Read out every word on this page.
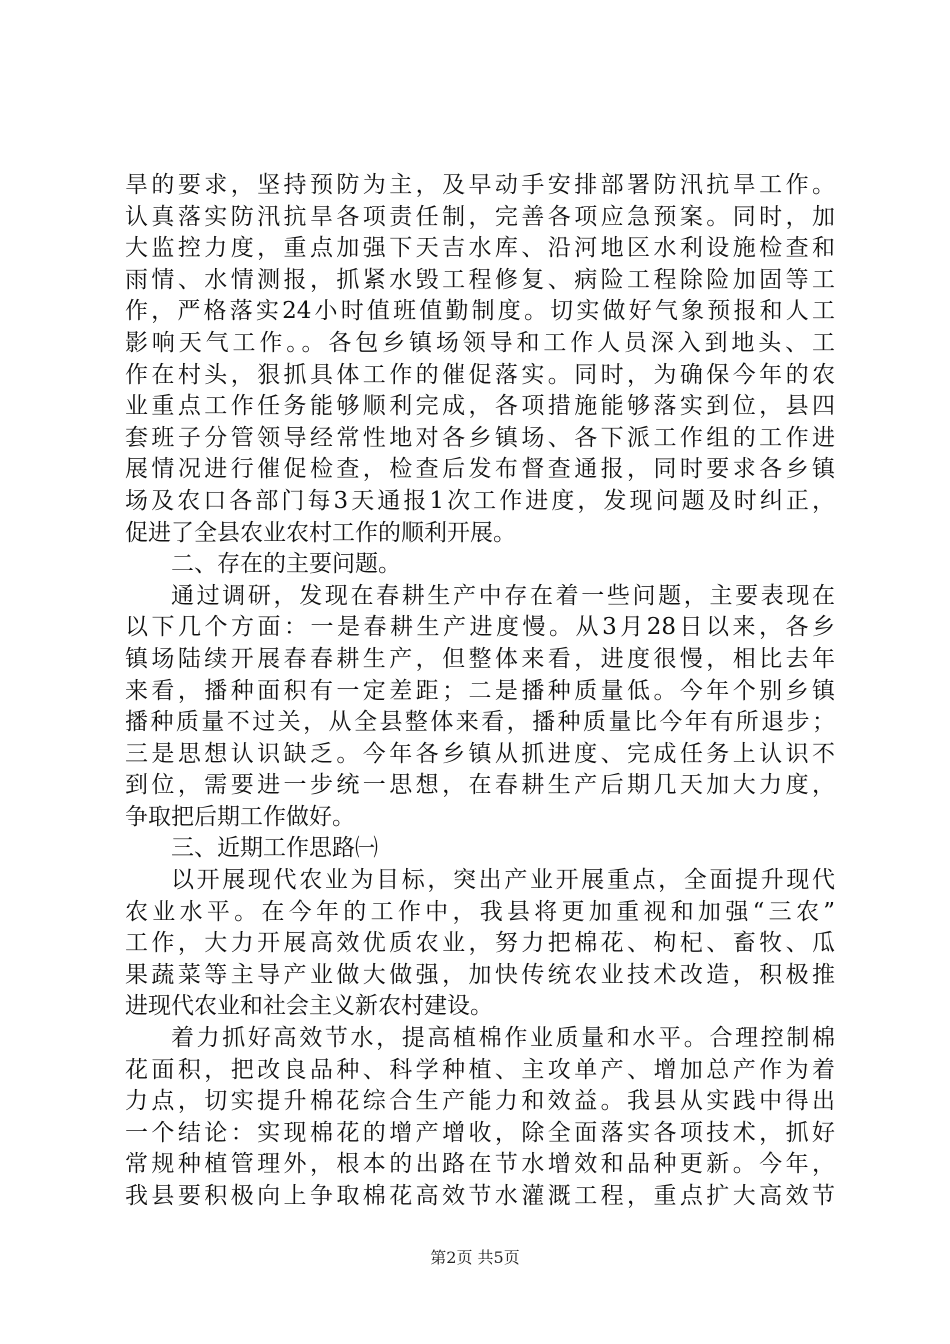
旱的要求，坚持预防为主，及早动手安排部署防汛抗旱工作。
认真落实防汛抗旱各项责任制，完善各项应急预案。同时，加
大监控力度，重点加强下天吉水库、沿河地区水利设施检查和
雨情、水情测报，抓紧水毁工程修复、病险工程除险加固等工
作，严格落实24小时值班值勤制度。切实做好气象预报和人工
影响天气工作。。各包乡镇场领导和工作人员深入到地头、工
作在村头，狠抓具体工作的催促落实。同时，为确保今年的农
业重点工作任务能够顺利完成，各项措施能够落实到位，县四
套班子分管领导经常性地对各乡镇场、各下派工作组的工作进
展情况进行催促检查，检查后发布督查通报，同时要求各乡镇
场及农口各部门每3天通报1次工作进度，发现问题及时纠正，
促进了全县农业农村工作的顺利开展。
二、存在的主要问题。
通过调研，发现在春耕生产中存在着一些问题，主要表现在
以下几个方面：一是春耕生产进度慢。从3月28日以来，各乡
镇场陆续开展春春耕生产，但整体来看，进度很慢，相比去年
来看，播种面积有一定差距；二是播种质量低。今年个别乡镇
播种质量不过关，从全县整体来看，播种质量比今年有所退步；
三是思想认识缺乏。今年各乡镇从抓进度、完成任务上认识不
到位，需要进一步统一思想，在春耕生产后期几天加大力度，
争取把后期工作做好。
三、近期工作思路㈠
以开展现代农业为目标，突出产业开展重点，全面提升现代
农业水平。在今年的工作中，我县将更加重视和加强“三农”
工作，大力开展高效优质农业，努力把棉花、枸杞、畜牧、瓜
果蔬菜等主导产业做大做强，加快传统农业技术改造，积极推
进现代农业和社会主义新农村建设。
着力抓好高效节水，提高植棉作业质量和水平。合理控制棉
花面积，把改良品种、科学种植、主攻单产、增加总产作为着
力点，切实提升棉花综合生产能力和效益。我县从实践中得出
一个结论：实现棉花的增产增收，除全面落实各项技术，抓好
常规种植管理外，根本的出路在节水增效和品种更新。今年，
我县要积极向上争取棉花高效节水灌溉工程，重点扩大高效节
第2页 共5页
